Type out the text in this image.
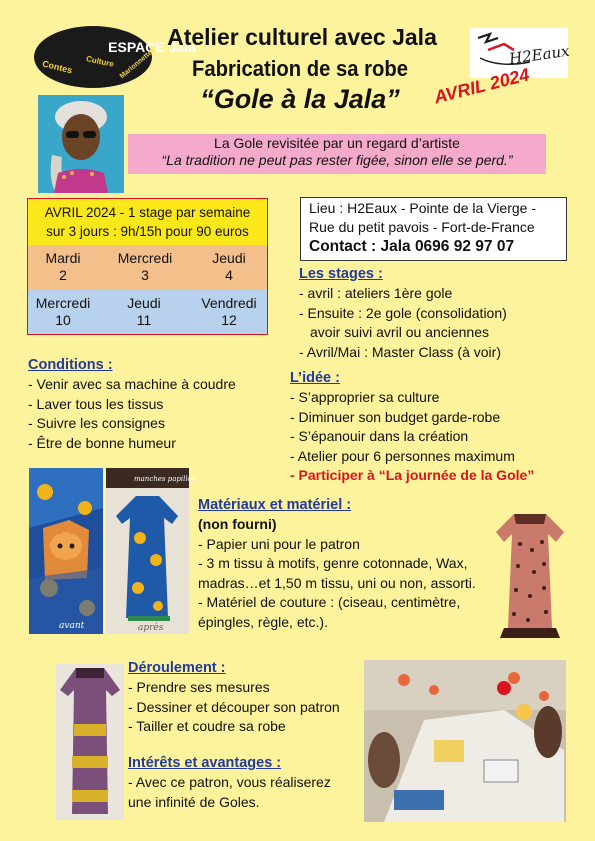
ESPACE Jala
Contes Culture Marionnettes
Atelier culturel avec Jala
Fabrication de sa robe
“Gole à la Jala”
H2Eaux
AVRIL 2024
La Gole revisitée par un regard d’artiste
“La tradition ne peut pas rester figée, sinon elle se perd.”
AVRIL 2024 - 1 stage par semaine
sur 3 jours : 9h/15h pour 90 euros
Mardi
2
Mercredi
3
Jeudi
4
Mercredi
10
Jeudi
11
Vendredi
12
Lieu : H2Eaux - Pointe de la Vierge -
Rue du petit pavois - Fort-de-France
Contact : Jala 0696 92 97 07
Les stages :
- avril : ateliers 1ère gole
- Ensuite : 2e gole (consolidation)
avoir suivi avril ou anciennes
- Avril/Mai : Master Class (à voir)
Conditions :
- Venir avec sa machine à coudre
- Laver tous les tissus
- Suivre les consignes
- Être de bonne humeur
L’idée :
- S’approprier sa culture
- Diminuer son budget garde-robe
- S’épanouir dans la création
- Atelier pour 6 personnes maximum
- Participer à “La journée de la Gole”
avant
manches papillon
après
Matériaux et matériel :
(non fourni)
- Papier uni pour le patron
- 3 m tissu à motifs, genre cotonnade, Wax,
madras…et 1,50 m tissu, uni ou non, assorti.
- Matériel de couture : (ciseau, centimètre,
épingles, règle, etc.).
Déroulement :
- Prendre ses mesures
- Dessiner et découper son patron
- Tailler et coudre sa robe
Intérêts et avantages :
- Avec ce patron, vous réaliserez
une infinité de Goles.
